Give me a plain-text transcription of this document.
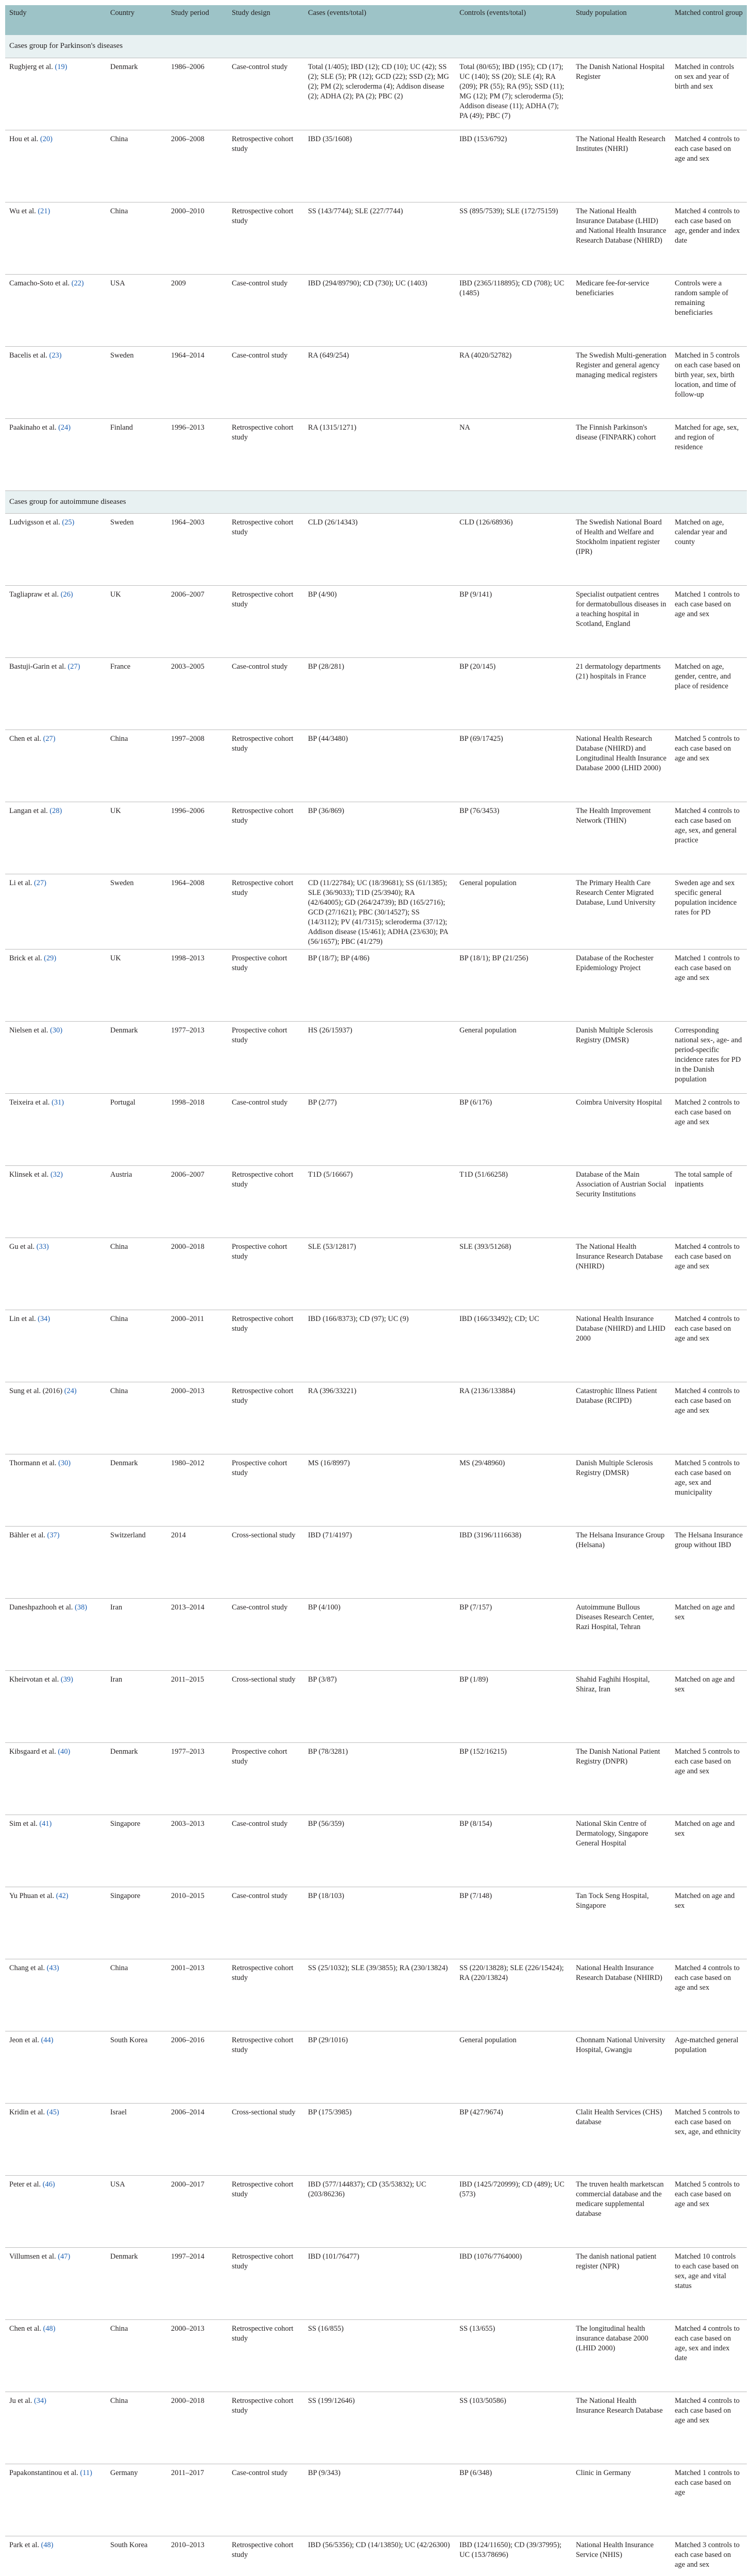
Study	Country	Study period	Study design	Cases (events/total)	Controls (events/total)	Study population	Matched control group
Cases group for Parkinson's diseases							
Rugbjerg et al. (19)	Denmark	1986–2006	Case-control study	Total (1/405); IBD (12); CD (10); UC (42); SS (2); SLE (5); PR (12); GCD (22); SSD (2); MG (2); PM (2); scleroderma (4); Addison disease (2); ADHA (2); PA (2); PBC (2)	Total (80/65); IBD (195); CD (17); UC (140); SS (20); SLE (4); RA (209); PR (55); RA (95); SSD (11); MG (12); PM (7); scleroderma (5); Addison disease (11); ADHA (7); PA (49); PBC (7)	The Danish National Hospital Register	Matched in controls on sex and year of birth and sex
Hou et al. (20)	China	2006–2008	Retrospective cohort study	IBD (35/1608)	IBD (153/6792)	The National Health Research Institutes (NHRI)	Matched 4 controls to each case based on age and sex
Wu et al. (21)	China	2000–2010	Retrospective cohort study	SS (143/7744); SLE (227/7744)	SS (895/7539); SLE (172/75159)	The National Health Insurance Database (LHID) and National Health Insurance Research Database (NHIRD)	Matched 4 controls to each case based on age, gender and index date
Camacho-Soto et al. (22)	USA	2009	Case-control study	IBD (294/89790); CD (730); UC (1403)	IBD (2365/118895); CD (708); UC (1485)	Medicare fee-for-service beneficiaries	Controls were a random sample of remaining beneficiaries
Bacelis et al. (23)	Sweden	1964–2014	Case-control study	RA (649/254)	RA (4020/52782)	The Swedish Multi-generation Register and general agency managing medical registers	Matched in 5 controls on each case based on birth year, sex, birth location, and time of follow-up
Paakinaho et al. (24)	Finland	1996–2013	Retrospective cohort study	RA (1315/1271)	NA	The Finnish Parkinson's disease (FINPARK) cohort	Matched for age, sex, and region of residence
Cases group for autoimmune diseases							
Ludvigsson et al. (25)	Sweden	1964–2003	Retrospective cohort study	CLD (26/14343)	CLD (126/68936)	The Swedish National Board of Health and Welfare and Stockholm inpatient register (IPR)	Matched on age, calendar year and county
Tagliapraw et al. (26)	UK	2006–2007	Retrospective cohort study	BP (4/90)	BP (9/141)	Specialist outpatient centres for dermatobullous diseases in a teaching hospital in Scotland, England	Matched 1 controls to each case based on age and sex
Bastuji-Garin et al. (27)	France	2003–2005	Case-control study	BP (28/281)	BP (20/145)	21 dermatology departments (21) hospitals in France	Matched on age, gender, centre, and place of residence
Chen et al. (27)	China	1997–2008	Retrospective cohort study	BP (44/3480)	BP (69/17425)	National Health Research Database (NHIRD) and Longitudinal Health Insurance Database 2000 (LHID 2000)	Matched 5 controls to each case based on age and sex
Langan et al. (28)	UK	1996–2006	Retrospective cohort study	BP (36/869)	BP (76/3453)	The Health Improvement Network (THIN)	Matched 4 controls to each case based on age, sex, and general practice
Li et al. (27)	Sweden	1964–2008	Retrospective cohort study	CD (11/22784); UC (18/39681); SS (61/1385); SLE (36/9033); T1D (25/3940); RA (42/64005); GD (264/24739); BD (165/2716); GCD (27/1621); PBC (30/14527); SS (14/3112); PV (41/7315); scleroderma (37/12); Addison disease (15/461); ADHA (23/630); PA (56/1657); PBC (41/279)	General population	The Primary Health Care Research Center Migrated Database, Lund University	Sweden age and sex specific general population incidence rates for PD
Brick et al. (29)	UK	1998–2013	Prospective cohort study	BP (18/7); BP (4/86)	BP (18/1); BP (21/256)	Database of the Rochester Epidemiology Project	Matched 1 controls to each case based on age and sex
Nielsen et al. (30)	Denmark	1977–2013	Prospective cohort study	HS (26/15937)	General population	Danish Multiple Sclerosis Registry (DMSR)	Corresponding national sex-, age- and period-specific incidence rates for PD in the Danish population
Teixeira et al. (31)	Portugal	1998–2018	Case-control study	BP (2/77)	BP (6/176)	Coimbra University Hospital	Matched 2 controls to each case based on age and sex
Klinsek et al. (32)	Austria	2006–2007	Retrospective cohort study	T1D (5/16667)	T1D (51/66258)	Database of the Main Association of Austrian Social Security Institutions	The total sample of inpatients
Gu et al. (33)	China	2000–2018	Prospective cohort study	SLE (53/12817)	SLE (393/51268)	The National Health Insurance Research Database (NHIRD)	Matched 4 controls to each case based on age and sex
Lin et al. (34)	China	2000–2011	Retrospective cohort study	IBD (166/8373); CD (97); UC (9)	IBD (166/33492); CD; UC	National Health Insurance Database (NHIRD) and LHID 2000	Matched 4 controls to each case based on age and sex
Sung et al. (2016) (24)	China	2000–2013	Retrospective cohort study	RA (396/33221)	RA (2136/133884)	Catastrophic Illness Patient Database (RCIPD)	Matched 4 controls to each case based on age and sex
Thormann et al. (30)	Denmark	1980–2012	Prospective cohort study	MS (16/8997)	MS (29/48960)	Danish Multiple Sclerosis Registry (DMSR)	Matched 5 controls to each case based on age, sex and municipality
Bähler et al. (37)	Switzerland	2014	Cross-sectional study	IBD (71/4197)	IBD (3196/1116638)	The Helsana Insurance Group (Helsana)	The Helsana Insurance group without IBD
Daneshpazhooh et al. (38)	Iran	2013–2014	Case-control study	BP (4/100)	BP (7/157)	Autoimmune Bullous Diseases Research Center, Razi Hospital, Tehran	Matched on age and sex
Kheirvotan et al. (39)	Iran	2011–2015	Cross-sectional study	BP (3/87)	BP (1/89)	Shahid Faghihi Hospital, Shiraz, Iran	Matched on age and sex
Kibsgaard et al. (40)	Denmark	1977–2013	Prospective cohort study	BP (78/3281)	BP (152/16215)	The Danish National Patient Registry (DNPR)	Matched 5 controls to each case based on age and sex
Sim et al. (41)	Singapore	2003–2013	Case-control study	BP (56/359)	BP (8/154)	National Skin Centre of Dermatology, Singapore General Hospital	Matched on age and sex
Yu Phuan et al. (42)	Singapore	2010–2015	Case-control study	BP (18/103)	BP (7/148)	Tan Tock Seng Hospital, Singapore	Matched on age and sex
Chang et al. (43)	China	2001–2013	Retrospective cohort study	SS (25/1032); SLE (39/3855); RA (230/13824)	SS (220/13828); SLE (226/15424); RA (220/13824)	National Health Insurance Research Database (NHIRD)	Matched 4 controls to each case based on age and sex
Jeon et al. (44)	South Korea	2006–2016	Retrospective cohort study	BP (29/1016)	General population	Chonnam National University Hospital, Gwangju	Age-matched general population
Kridin et al. (45)	Israel	2006–2014	Cross-sectional study	BP (175/3985)	BP (427/9674)	Clalit Health Services (CHS) database	Matched 5 controls to each case based on sex, age, and ethnicity
Peter et al. (46)	USA	2000–2017	Retrospective cohort study	IBD (577/144837); CD (35/53832); UC (203/86236)	IBD (1425/720999); CD (489); UC (573)	The truven health marketscan commercial database and the medicare supplemental database	Matched 5 controls to each case based on age and sex
Villumsen et al. (47)	Denmark	1997–2014	Retrospective cohort study	IBD (101/76477)	IBD (1076/7764000)	The danish national patient register (NPR)	Matched 10 controls to each case based on sex, age and vital status
Chen et al. (48)	China	2000–2013	Retrospective cohort study	SS (16/855)	SS (13/655)	The longitudinal health insurance database 2000 (LHID 2000)	Matched 4 controls to each case based on age, sex and index date
Ju et al. (34)	China	2000–2018	Retrospective cohort study	SS (199/12646)	SS (103/50586)	The National Health Insurance Research Database	Matched 4 controls to each case based on age and sex
Papakonstantinou et al. (11)	Germany	2011–2017	Case-control study	BP (9/343)	BP (6/348)	Clinic in Germany	Matched 1 controls to each case based on age
Park et al. (48)	South Korea	2010–2013	Retrospective cohort study	IBD (56/5356); CD (14/13850); UC (42/26300)	IBD (124/11650); CD (39/37995); UC (153/78696)	National Health Insurance Service (NHIS)	Matched 3 controls to each case based on age and sex
